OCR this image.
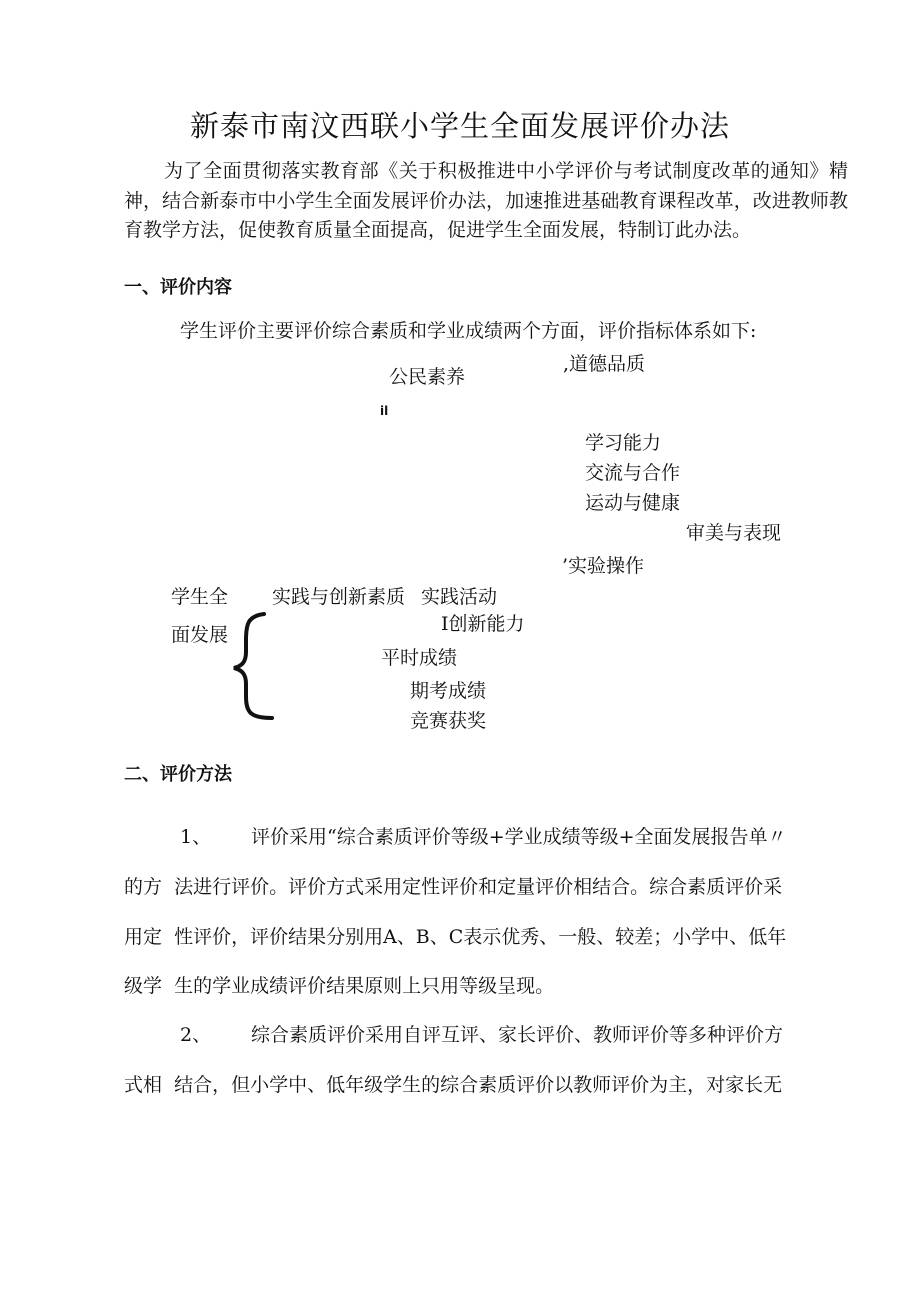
新泰市南汶西联小学生全面发展评价办法
为了全面贯彻落实教育部《关于积极推进中小学评价与考试制度改革的通知》精神，结合新泰市中小学生全面发展评价办法，加速推进基础教育课程改革，改进教师教育教学方法，促使教育质量全面提高，促进学生全面发展，特制订此办法。
一、评价内容
学生评价主要评价综合素质和学业成绩两个方面，评价指标体系如下:
,道德品质
公民素养
il
学习能力
交流与合作
运动与健康
审美与表现
’实验操作
学生全
面发展
实践与创新素质 实践活动
I创新能力
平时成绩
期考成绩
竞赛获奖
二、评价方法
1、 评价采用“综合素质评价等级+学业成绩等级+全面发展报告单〃
的方  法进行评价。评价方式采用定性评价和定量评价相结合。综合素质评价采
用定  性评价，评价结果分别用A、B、C表示优秀、一般、较差；小学中、低年
级学  生的学业成绩评价结果原则上只用等级呈现。
2、 综合素质评价采用自评互评、家长评价、教师评价等多种评价方
式相  结合，但小学中、低年级学生的综合素质评价以教师评价为主，对家长无
